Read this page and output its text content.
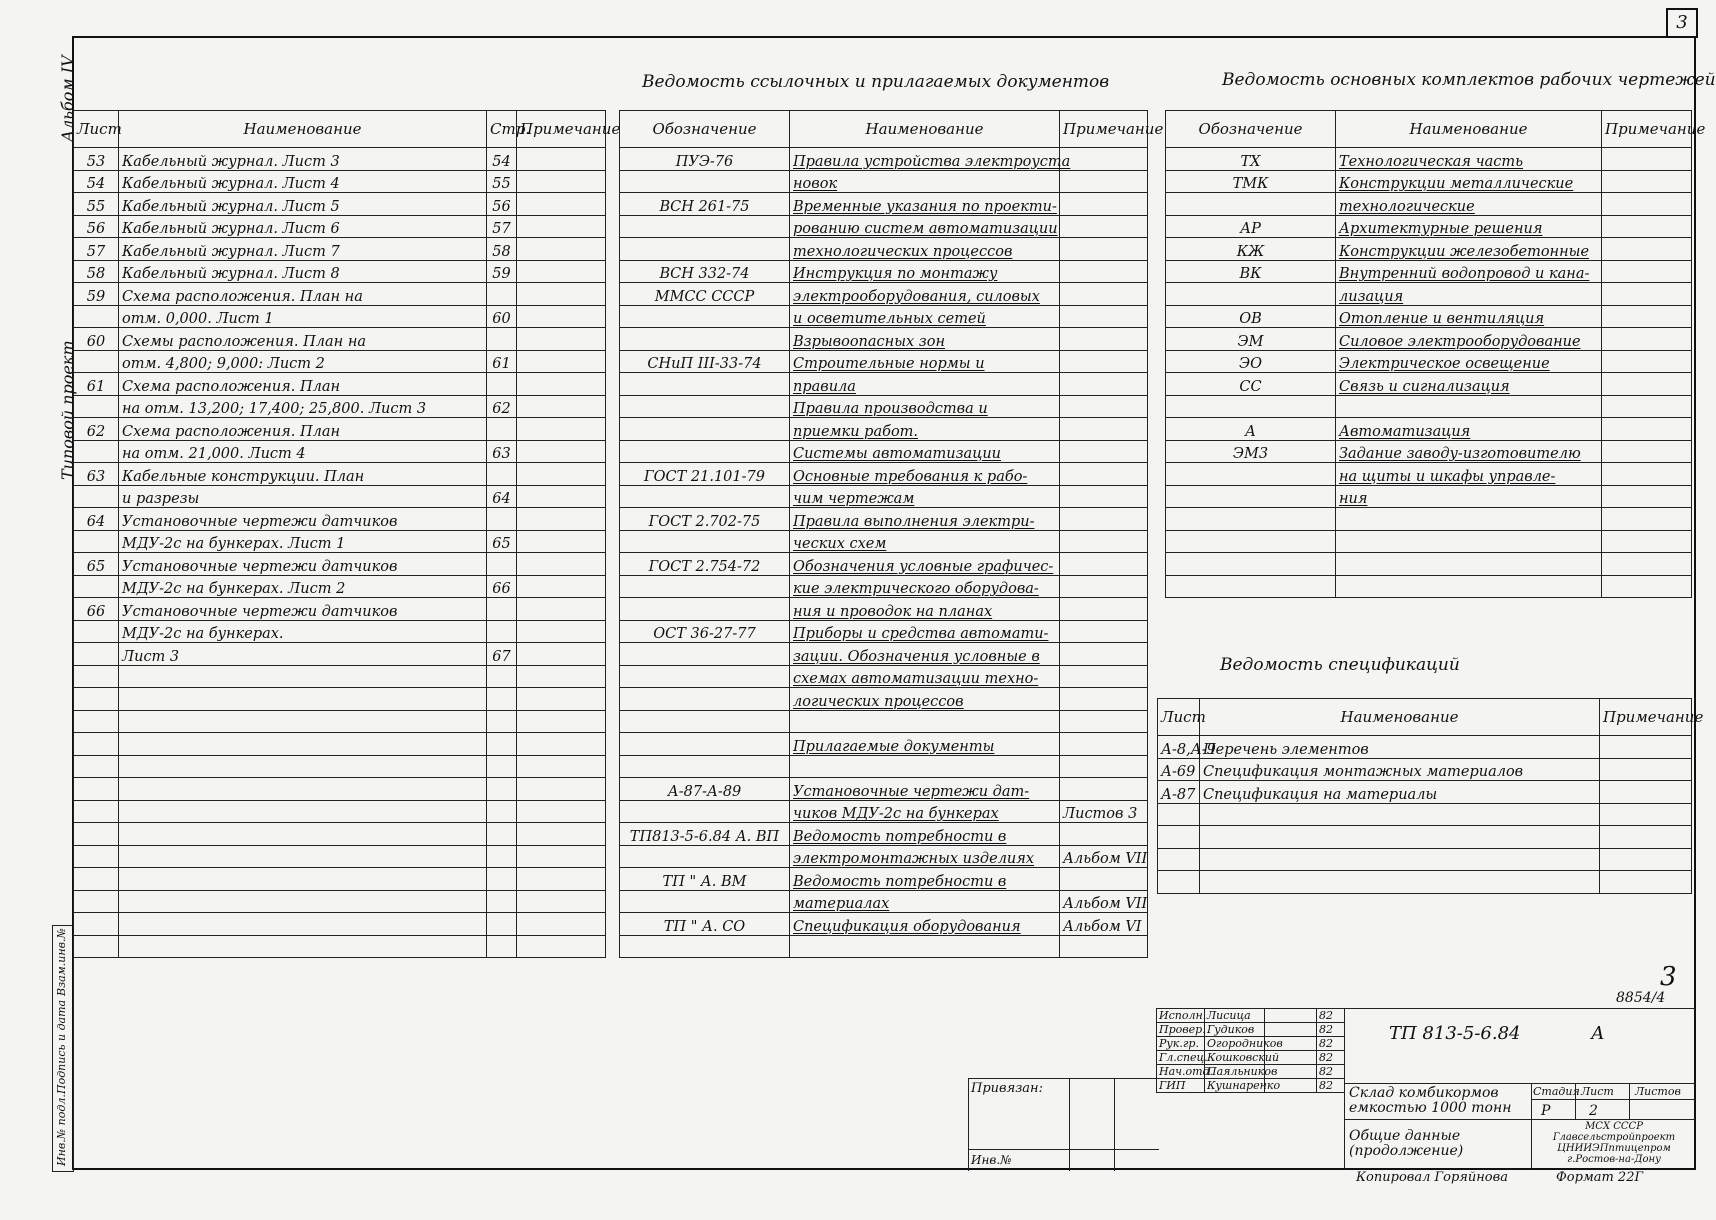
3
Альбом IV
Типовой проект
Инв.№ подл.
Подпись и дата
Взам.инв.№
Лист	Наименование	Стр.	Примечание
53	Кабельный журнал. Лист 3	54	
54	Кабельный журнал. Лист 4	55	
55	Кабельный журнал. Лист 5	56	
56	Кабельный журнал. Лист 6	57	
57	Кабельный журнал. Лист 7	58	
58	Кабельный журнал. Лист 8	59	
59	Схема расположения. План на		
	отм. 0,000. Лист 1	60	
60	Схемы расположения. План на		
	отм. 4,800; 9,000: Лист 2	61	
61	Схема расположения. План		
	на отм. 13,200; 17,400; 25,800. Лист 3	62	
62	Схема расположения. План		
	на отм. 21,000. Лист 4	63	
63	Кабельные конструкции. План		
	и разрезы	64	
64	Установочные чертежи датчиков		
	МДУ-2с на бункерах. Лист 1	65	
65	Установочные чертежи датчиков		
	МДУ-2с на бункерах. Лист 2	66	
66	Установочные чертежи датчиков		
	МДУ-2с на бункерах.		
	Лист 3	67	

Ведомость ссылочных и прилагаемых документов
Обозначение	Наименование	Примечание
ПУЭ-76	Правила устройства электроуста	
	новок	
ВСН 261-75	Временные указания по проекти-	
	рованию систем автоматизации	
	технологических процессов	
ВСН 332-74	Инструкция по монтажу	
ММСС СССР	электрооборудования, силовых	
	и осветительных сетей	
	Взрывоопасных зон	
СНиП III-33-74	Строительные нормы и	
	правила	
	Правила производства и	
	приемки работ.	
	Системы автоматизации	
ГОСТ 21.101-79	Основные требования к рабо-	
	чим чертежам	
ГОСТ 2.702-75	Правила выполнения электри-	
	ческих схем	
ГОСТ 2.754-72	Обозначения условные графичес-	
	кие электрического оборудова-	
	ния и проводок на планах	
ОСТ 36-27-77	Приборы и средства автомати-	
	зации. Обозначения условные в	
	схемах автоматизации техно-	
	логических процессов	

	Прилагаемые документы	

А-87-А-89	Установочные чертежи дат-	
	чиков МДУ-2с на бункерах	Листов 3
ТП813-5-6.84 А. ВП	Ведомость потребности в	
	электромонтажных изделиях	Альбом VII
ТП " А. ВМ	Ведомость потребности в	
	материалах	Альбом VII
ТП " А. СО	Спецификация оборудования	Альбом VI

Ведомость основных комплектов рабочих чертежей
Обозначение	Наименование	Примечание
ТХ	Технологическая часть	
ТМК	Конструкции металлические	
	технологические	
АР	Архитектурные решения	
КЖ	Конструкции железобетонные	
ВК	Внутренний водопровод и кана-	
	лизация	
ОВ	Отопление и вентиляция	
ЭМ	Силовое электрооборудование	
ЭО	Электрическое освещение	
СС	Связь и сигнализация	

А	Автоматизация	
ЭМ3	Задание заводу-изготовителю	
	на щиты и шкафы управле-	
	ния	

Ведомость спецификаций
Лист	Наименование	Примечание
А-8,А-9	Перечень элементов	
А-69	Спецификация монтажных материалов	
А-87	Спецификация на материалы	

3
8854/4
Привязан:
Инв.№
Исполн.	Лисица		82
Провер.	Гудиков		82
Рук.гр.	Огородников		82
Гл.спец.	Кошковский		82
Нач.отд.	Паяльников		82
ГИП	Кушнаренко		82
ТП 813-5-6.84	А
Склад комбикормов емкостью 1000 тонн
Общие данные (продолжение)
Стадия Лист Листов
Р	2
МСХ СССР Главсельстройпроект ЦНИИЭПптицепром г.Ростов-на-Дону
Копировал Горяйнова	Формат 22Г
